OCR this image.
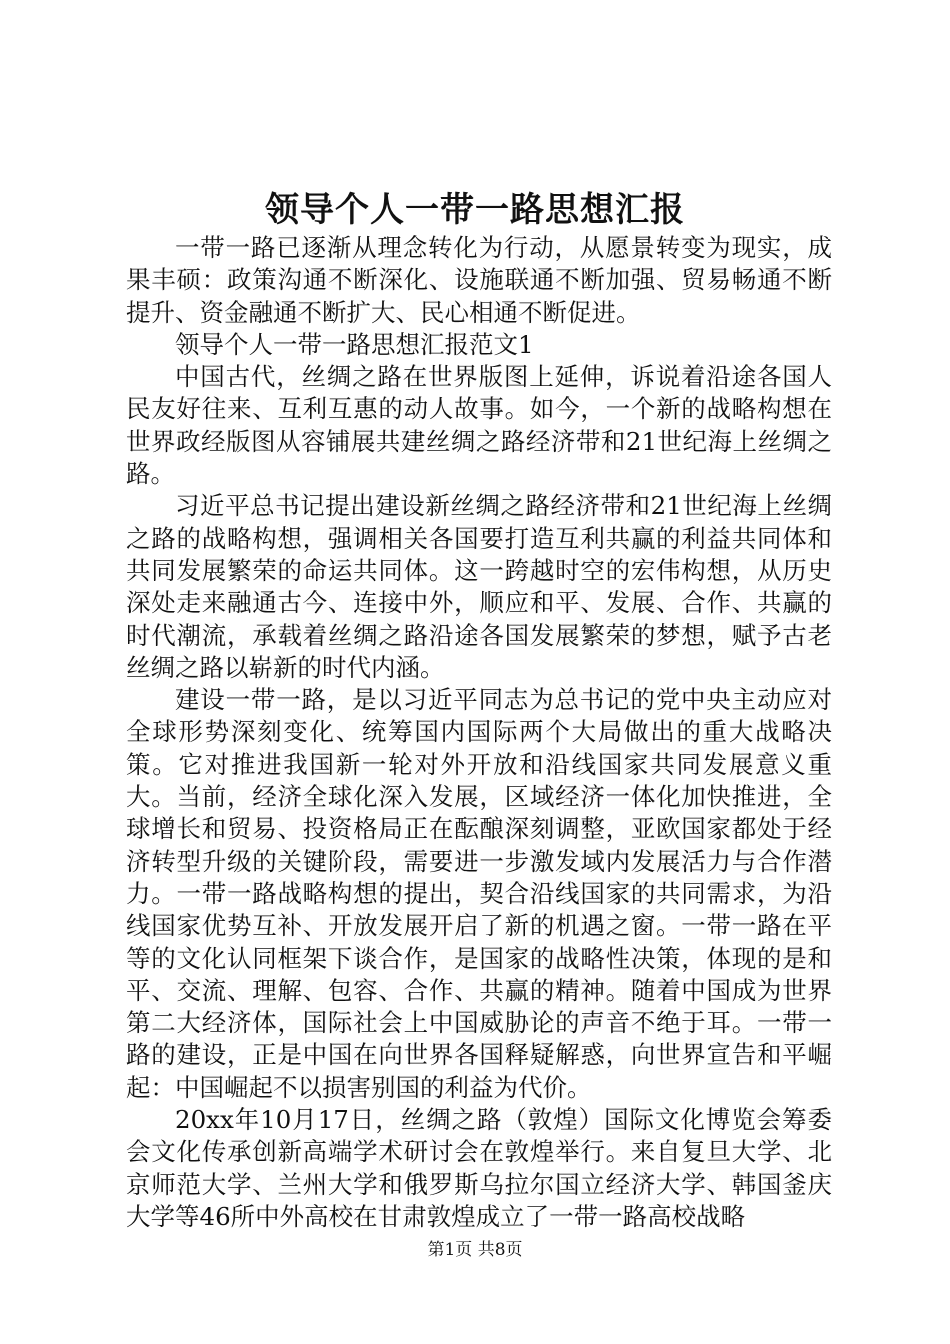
领导个人一带一路思想汇报

一带一路已逐渐从理念转化为行动，从愿景转变为现实，成果丰硕：政策沟通不断深化、设施联通不断加强、贸易畅通不断提升、资金融通不断扩大、民心相通不断促进。

领导个人一带一路思想汇报范文1

中国古代，丝绸之路在世界版图上延伸，诉说着沿途各国人民友好往来、互利互惠的动人故事。如今，一个新的战略构想在世界政经版图从容铺展共建丝绸之路经济带和21世纪海上丝绸之路。

习近平总书记提出建设新丝绸之路经济带和21世纪海上丝绸之路的战略构想，强调相关各国要打造互利共赢的利益共同体和共同发展繁荣的命运共同体。这一跨越时空的宏伟构想，从历史深处走来融通古今、连接中外，顺应和平、发展、合作、共赢的时代潮流，承载着丝绸之路沿途各国发展繁荣的梦想，赋予古老丝绸之路以崭新的时代内涵。

建设一带一路，是以习近平同志为总书记的党中央主动应对全球形势深刻变化、统筹国内国际两个大局做出的重大战略决策。它对推进我国新一轮对外开放和沿线国家共同发展意义重大。当前，经济全球化深入发展，区域经济一体化加快推进，全球增长和贸易、投资格局正在酝酿深刻调整，亚欧国家都处于经济转型升级的关键阶段，需要进一步激发域内发展活力与合作潜力。一带一路战略构想的提出，契合沿线国家的共同需求，为沿线国家优势互补、开放发展开启了新的机遇之窗。一带一路在平等的文化认同框架下谈合作，是国家的战略性决策，体现的是和平、交流、理解、包容、合作、共赢的精神。随着中国成为世界第二大经济体，国际社会上中国威胁论的声音不绝于耳。一带一路的建设，正是中国在向世界各国释疑解惑，向世界宣告和平崛起：中国崛起不以损害别国的利益为代价。

20xx年10月17日，丝绸之路（敦煌）国际文化博览会筹委会文化传承创新高端学术研讨会在敦煌举行。来自复旦大学、北京师范大学、兰州大学和俄罗斯乌拉尔国立经济大学、韩国釜庆大学等46所中外高校在甘肃敦煌成立了一带一路高校战略

第1页 共8页
